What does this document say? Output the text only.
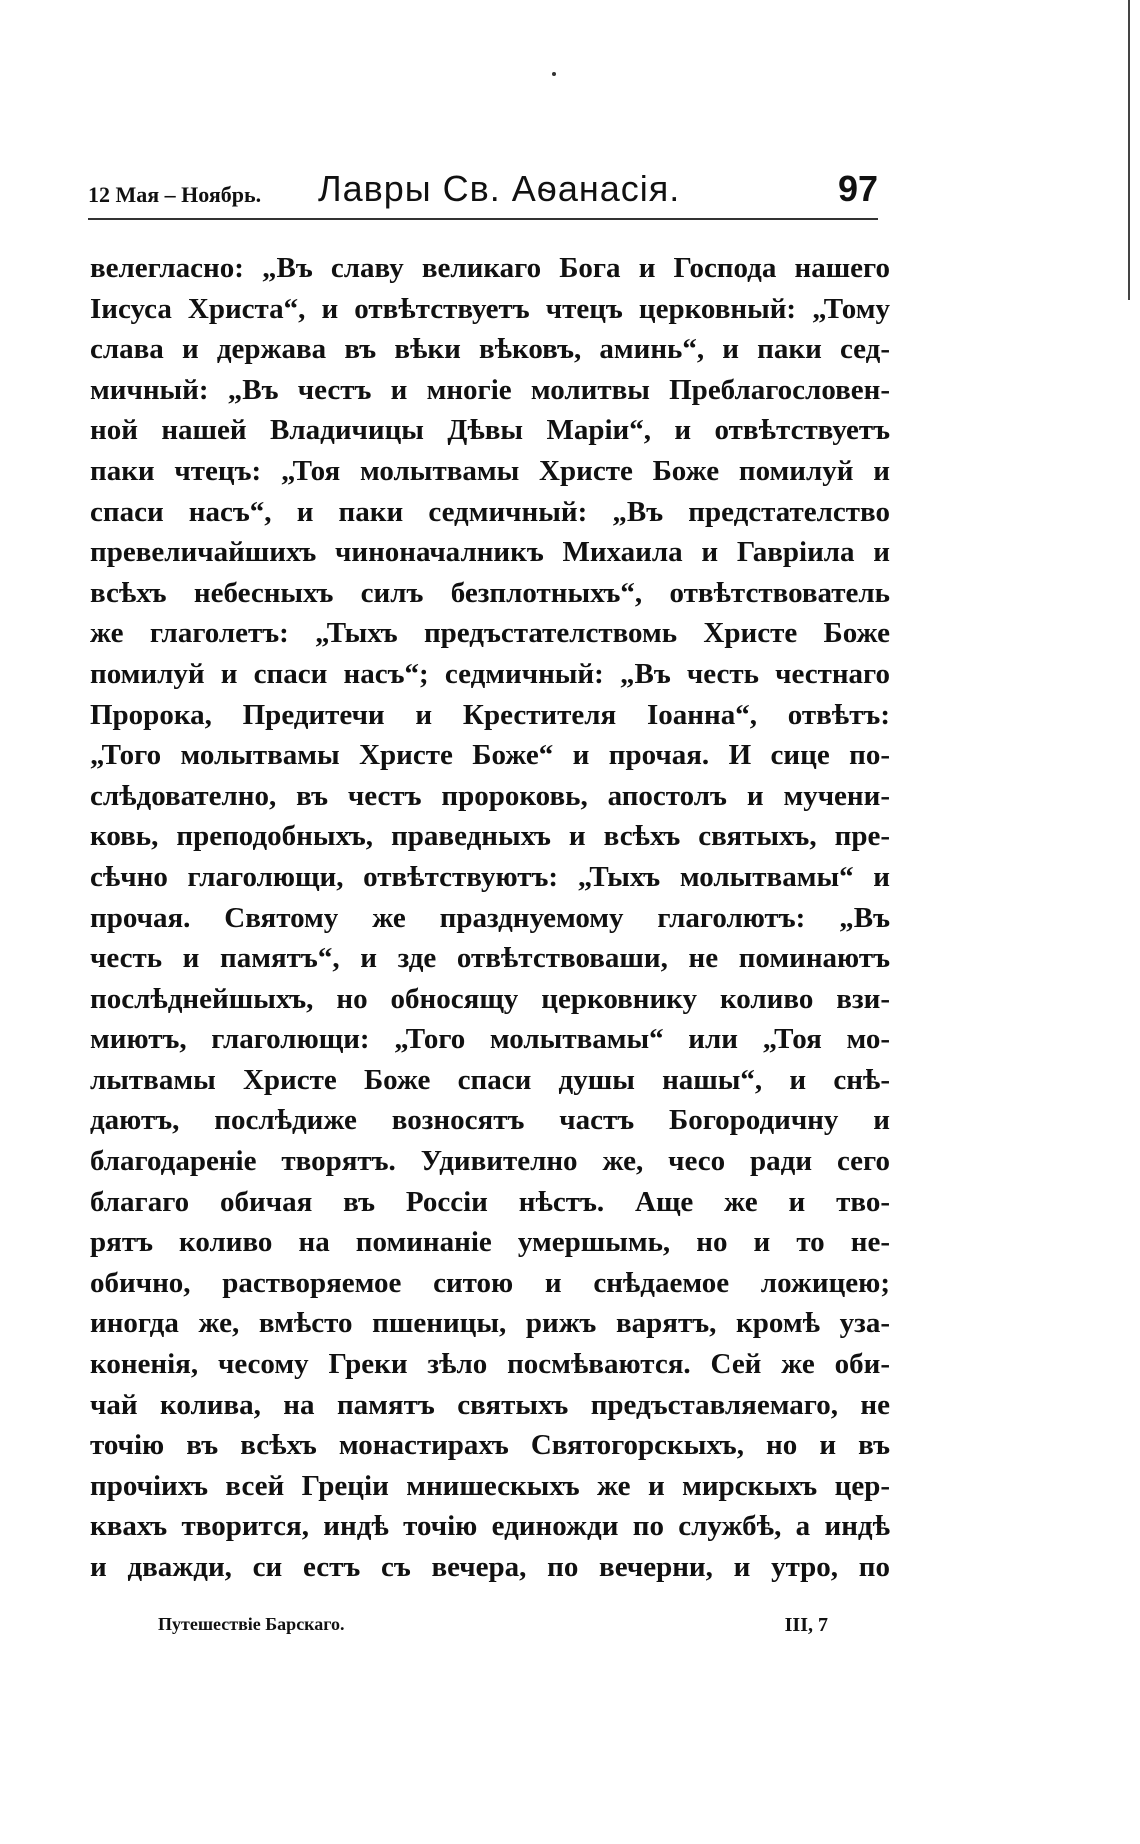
12 Мая – Ноябрь. Лавры Св. Аѳанасія.	97
велегласно: „Въ славу великаго Бога и Господа нашего
Іисуса Христа“, и отвѣтствуетъ чтецъ церковный: „Тому
слава и держава въ вѣки вѣковъ, аминь“, и паки сед-
мичный: „Въ честъ и многіе молитвы Преблагословен-
ной нашей Владичицы Дѣвы Маріи“, и отвѣтствуетъ
паки чтецъ: „Тоя молытвамы Христе Боже помилуй и
спаси насъ“, и паки седмичный: „Въ предстателство
превеличайшихъ чиноначалникъ Михаила и Гавріила и
всѣхъ небесныхъ силъ безплотныхъ“, отвѣтствователь
же глаголетъ: „Тыхъ предъстателствомь Христе Боже
помилуй и спаси насъ“; седмичный: „Въ честь честнаго
Пророка, Предитечи и Крестителя Іоанна“, отвѣтъ:
„Того молытвамы Христе Боже“ и прочая. И сице по-
слѣдователно, въ честъ пророковь, апостолъ и мучени-
ковь, преподобныхъ, праведныхъ и всѣхъ святыхъ, пре-
сѣчно глаголющи, отвѣтствуютъ: „Тыхъ молытвамы“ и
прочая. Святому же празднуемому глаголютъ: „Въ
честь и памятъ“, и зде отвѣтствоваши, не поминаютъ
послѣднейшыхъ, но обносящу церковнику коливо взи-
миютъ, глаголющи: „Того молытвамы“ или „Тоя мо-
лытвамы Христе Боже спаси душы нашы“, и снѣ-
даютъ, послѣдиже возносятъ частъ Богородичну и
благодареніе творятъ. Удивително же, чесо ради сего
благаго обичая въ Россіи нѣстъ. Аще же и тво-
рятъ коливо на поминаніе умершымь, но и то не-
обично, растворяемое ситою и снѣдаемое ложицею;
иногда же, вмѣсто пшеницы, рижъ варятъ, кромѣ уза-
коненія, чесому Греки зѣло посмѣваются. Сей же оби-
чай колива, на памятъ святыхъ предъставляемаго, не
точію въ всѣхъ монастирахъ Святогорскыхъ, но и въ
прочіихъ всей Греціи мнишескыхъ же и мирскыхъ цер-
квахъ творится, индѣ точію единожди по службѣ, а индѣ
и дважди, си естъ съ вечера, по вечерни, и утро, по
Путешествіе Барскаго.	III, 7
